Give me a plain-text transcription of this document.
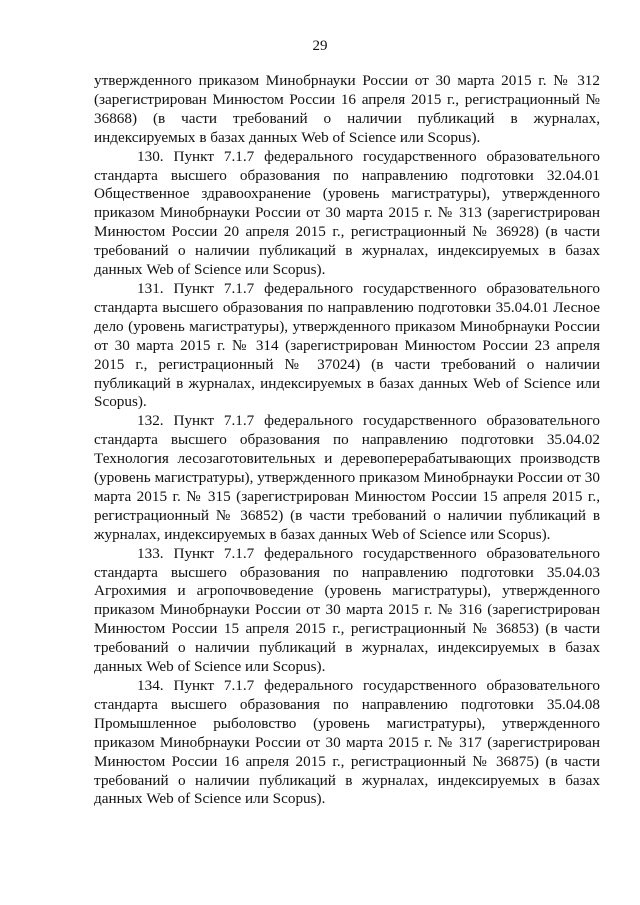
29

утвержденного приказом Минобрнауки России от 30 марта 2015 г. № 312 (зарегистрирован Минюстом России 16 апреля 2015 г., регистрационный № 36868) (в части требований о наличии публикаций в журналах, индексируемых в базах данных Web of Science или Scopus).

130. Пункт 7.1.7 федерального государственного образовательного стандарта высшего образования по направлению подготовки 32.04.01 Общественное здравоохранение (уровень магистратуры), утвержденного приказом Минобрнауки России от 30 марта 2015 г. № 313 (зарегистрирован Минюстом России 20 апреля 2015 г., регистрационный № 36928) (в части требований о наличии публикаций в журналах, индексируемых в базах данных Web of Science или Scopus).

131. Пункт 7.1.7 федерального государственного образовательного стандарта высшего образования по направлению подготовки 35.04.01 Лесное дело (уровень магистратуры), утвержденного приказом Минобрнауки России от 30 марта 2015 г. № 314 (зарегистрирован Минюстом России 23 апреля 2015 г., регистрационный № 37024) (в части требований о наличии публикаций в журналах, индексируемых в базах данных Web of Science или Scopus).

132. Пункт 7.1.7 федерального государственного образовательного стандарта высшего образования по направлению подготовки 35.04.02 Технология лесозаготовительных и деревоперерабатывающих производств (уровень магистратуры), утвержденного приказом Минобрнауки России от 30 марта 2015 г. № 315 (зарегистрирован Минюстом России 15 апреля 2015 г., регистрационный № 36852) (в части требований о наличии публикаций в журналах, индексируемых в базах данных Web of Science или Scopus).

133. Пункт 7.1.7 федерального государственного образовательного стандарта высшего образования по направлению подготовки 35.04.03 Агрохимия и агропочвоведение (уровень магистратуры), утвержденного приказом Минобрнауки России от 30 марта 2015 г. № 316 (зарегистрирован Минюстом России 15 апреля 2015 г., регистрационный № 36853) (в части требований о наличии публикаций в журналах, индексируемых в базах данных Web of Science или Scopus).

134. Пункт 7.1.7 федерального государственного образовательного стандарта высшего образования по направлению подготовки 35.04.08 Промышленное рыболовство (уровень магистратуры), утвержденного приказом Минобрнауки России от 30 марта 2015 г. № 317 (зарегистрирован Минюстом России 16 апреля 2015 г., регистрационный № 36875) (в части требований о наличии публикаций в журналах, индексируемых в базах данных Web of Science или Scopus).
